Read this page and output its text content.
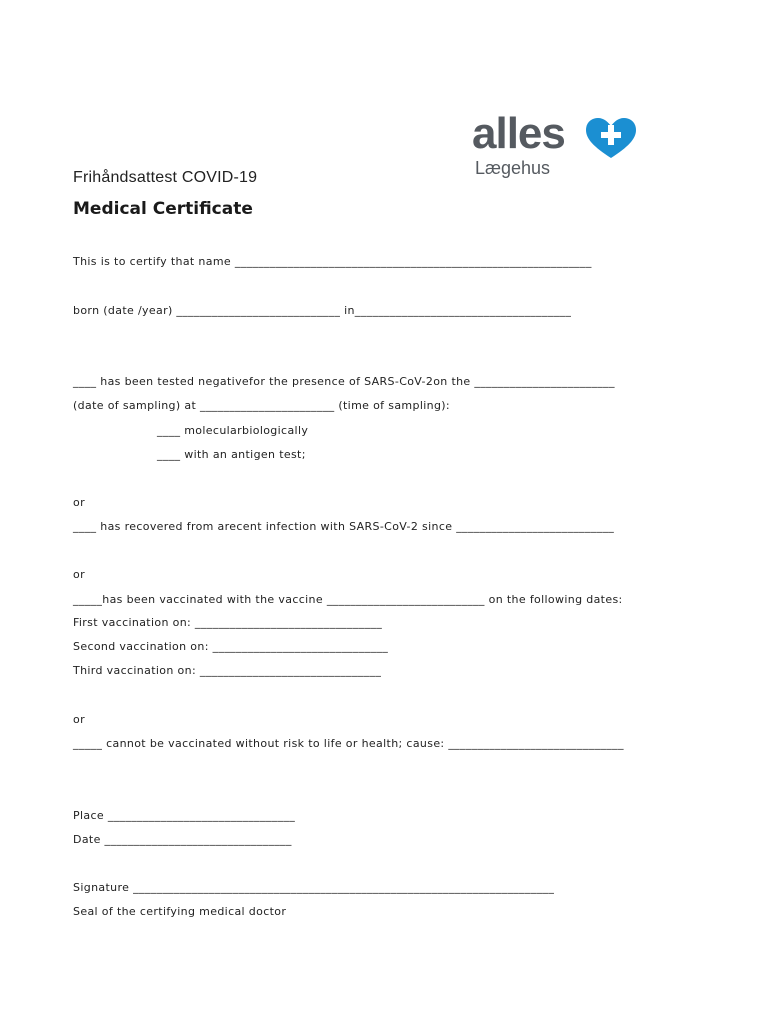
alles
Lægehus
Frihåndsattest COVID-19
Medical Certificate
This is to certify that name _____________________________________________________________
born (date /year) ____________________________ in_____________________________________
____ has been tested negativefor the presence of SARS-CoV-2on the ________________________
(date of sampling) at _______________________ (time of sampling):
____ molecularbiologically
____ with an antigen test;
or
____ has recovered from arecent infection with SARS-CoV-2 since ___________________________
or
_____has been vaccinated with the vaccine ___________________________ on the following dates:
First vaccination on: ________________________________
Second vaccination on: ______________________________
Third vaccination on: _______________________________
or
_____ cannot be vaccinated without risk to life or health; cause: ______________________________
Place ________________________________
Date ________________________________
Signature ________________________________________________________________________
Seal of the certifying medical doctor
